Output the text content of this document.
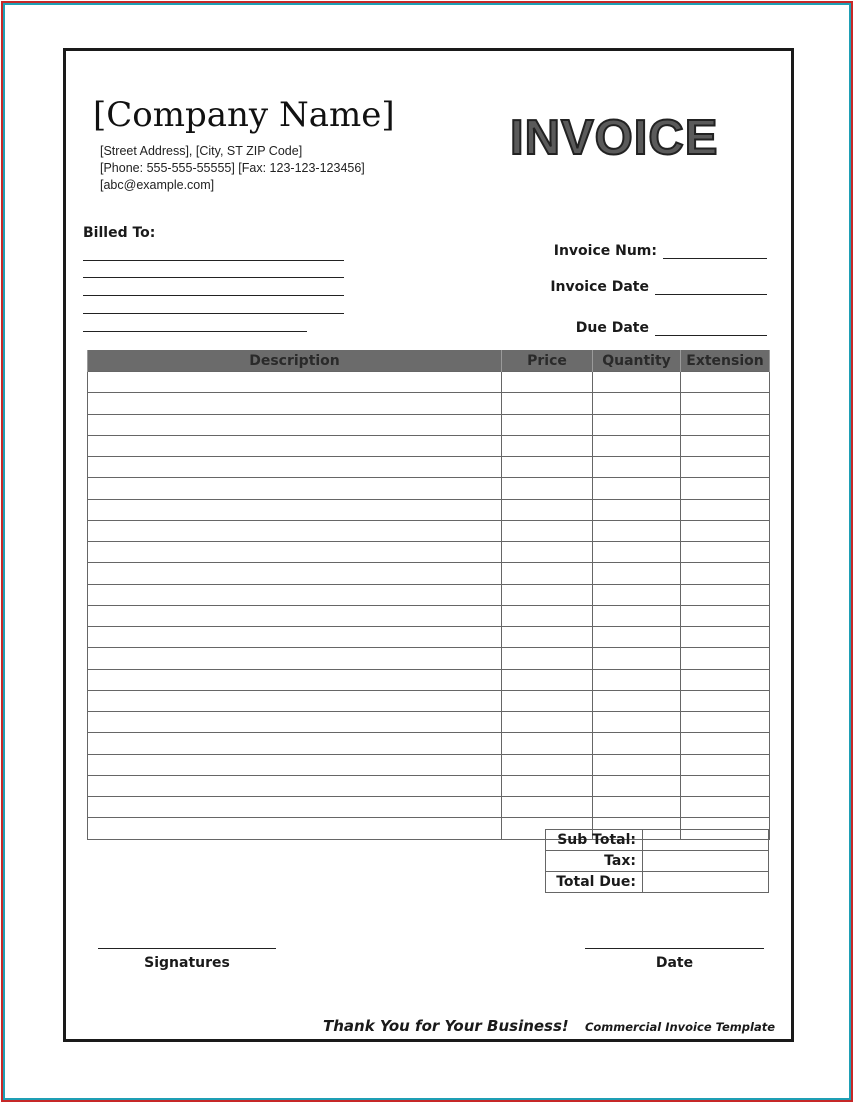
[Company Name]
[Street Address], [City, ST ZIP Code]
[Phone: 555-555-55555] [Fax: 123-123-123456]
[abc@example.com]
INVOICE
Billed To:
Invoice Num:
Invoice Date
Due Date
Description	Price	Quantity	Extension

Sub Total:	
Tax:	
Total Due:	
Signatures	Date
Thank You for Your Business! Commercial Invoice Template
